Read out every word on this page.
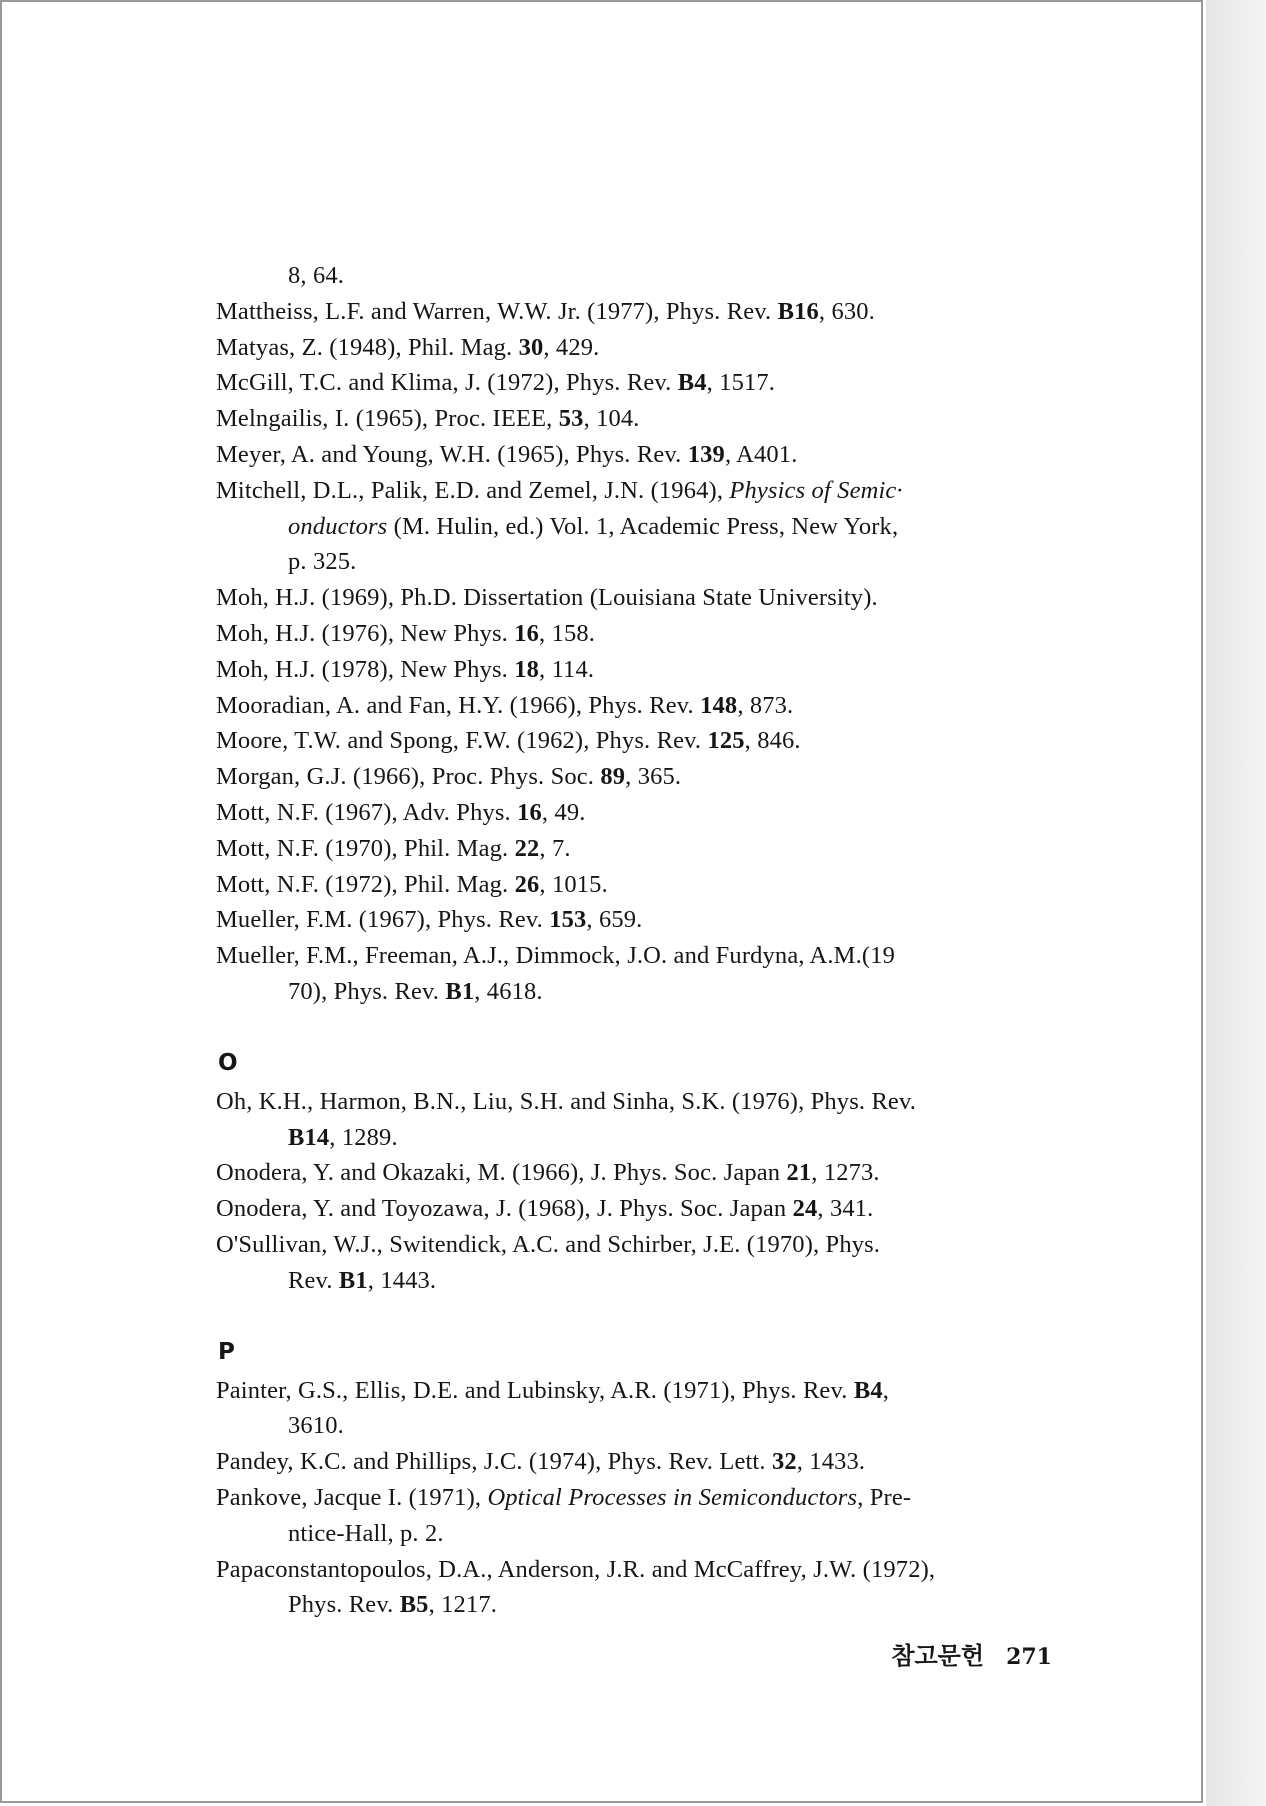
8, 64.

Mattheiss, L.F. and Warren, W.W. Jr. (1977), Phys. Rev. B16, 630.

Matyas, Z. (1948), Phil. Mag. 30, 429.

McGill, T.C. and Klima, J. (1972), Phys. Rev. B4, 1517.

Melngailis, I. (1965), Proc. IEEE, 53, 104.

Meyer, A. and Young, W.H. (1965), Phys. Rev. 139, A401.

Mitchell, D.L., Palik, E.D. and Zemel, J.N. (1964), Physics of Semic·

onductors (M. Hulin, ed.) Vol. 1, Academic Press, New York,

p. 325.

Moh, H.J. (1969), Ph.D. Dissertation (Louisiana State University).

Moh, H.J. (1976), New Phys. 16, 158.

Moh, H.J. (1978), New Phys. 18, 114.

Mooradian, A. and Fan, H.Y. (1966), Phys. Rev. 148, 873.

Moore, T.W. and Spong, F.W. (1962), Phys. Rev. 125, 846.

Morgan, G.J. (1966), Proc. Phys. Soc. 89, 365.

Mott, N.F. (1967), Adv. Phys. 16, 49.

Mott, N.F. (1970), Phil. Mag. 22, 7.

Mott, N.F. (1972), Phil. Mag. 26, 1015.

Mueller, F.M. (1967), Phys. Rev. 153, 659.

Mueller, F.M., Freeman, A.J., Dimmock, J.O. and Furdyna, A.M.(19

70), Phys. Rev. B1, 4618.

O

Oh, K.H., Harmon, B.N., Liu, S.H. and Sinha, S.K. (1976), Phys. Rev.

B14, 1289.

Onodera, Y. and Okazaki, M. (1966), J. Phys. Soc. Japan 21, 1273.

Onodera, Y. and Toyozawa, J. (1968), J. Phys. Soc. Japan 24, 341.

O'Sullivan, W.J., Switendick, A.C. and Schirber, J.E. (1970), Phys.

Rev. B1, 1443.

P

Painter, G.S., Ellis, D.E. and Lubinsky, A.R. (1971), Phys. Rev. B4,

3610.

Pandey, K.C. and Phillips, J.C. (1974), Phys. Rev. Lett. 32, 1433.

Pankove, Jacque I. (1971), Optical Processes in Semiconductors, Pre-

ntice-Hall, p. 2.

Papaconstantopoulos, D.A., Anderson, J.R. and McCaffrey, J.W. (1972),

Phys. Rev. B5, 1217.

참고문헌 271
